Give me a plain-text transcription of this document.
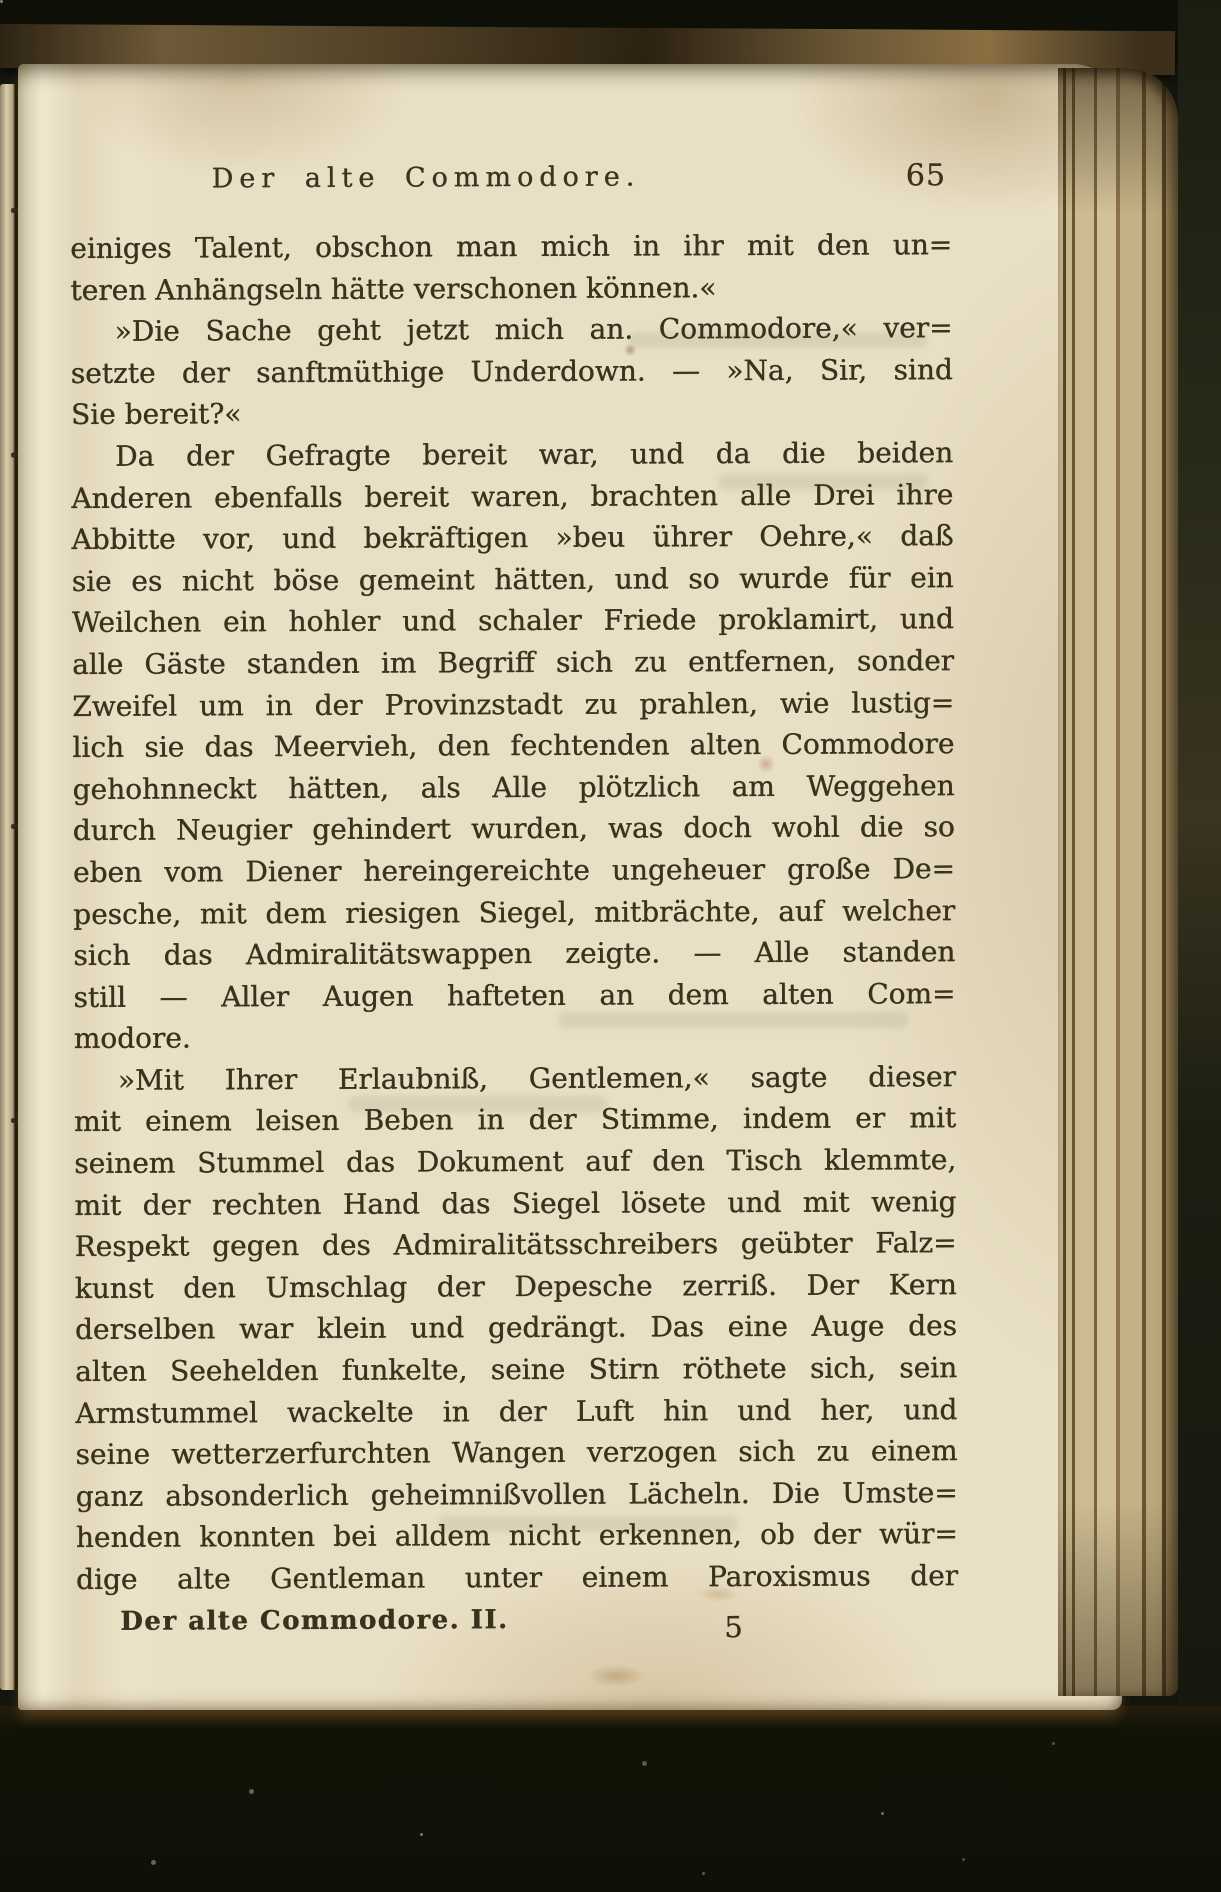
Der alte Commodore.	65
einiges Talent, obschon man mich in ihr mit den un=
teren Anhängseln hätte verschonen können.«
»Die Sache geht jetzt mich an. Commodore,« ver=
setzte der sanftmüthige Underdown. — »Na, Sir, sind
Sie bereit?«
Da der Gefragte bereit war, und da die beiden
Anderen ebenfalls bereit waren, brachten alle Drei ihre
Abbitte vor, und bekräftigen »beu ührer Oehre,« daß
sie es nicht böse gemeint hätten, und so wurde für ein
Weilchen ein hohler und schaler Friede proklamirt, und
alle Gäste standen im Begriff sich zu entfernen, sonder
Zweifel um in der Provinzstadt zu prahlen, wie lustig=
lich sie das Meervieh, den fechtenden alten Commodore
gehohnneckt hätten, als Alle plötzlich am Weggehen
durch Neugier gehindert wurden, was doch wohl die so
eben vom Diener hereingereichte ungeheuer große De=
pesche, mit dem riesigen Siegel, mitbrächte, auf welcher
sich das Admiralitätswappen zeigte. — Alle standen
still — Aller Augen hafteten an dem alten Com=
modore.
»Mit Ihrer Erlaubniß, Gentlemen,« sagte dieser
mit einem leisen Beben in der Stimme, indem er mit
seinem Stummel das Dokument auf den Tisch klemmte,
mit der rechten Hand das Siegel lösete und mit wenig
Respekt gegen des Admiralitätsschreibers geübter Falz=
kunst den Umschlag der Depesche zerriß. Der Kern
derselben war klein und gedrängt. Das eine Auge des
alten Seehelden funkelte, seine Stirn röthete sich, sein
Armstummel wackelte in der Luft hin und her, und
seine wetterzerfurchten Wangen verzogen sich zu einem
ganz absonderlich geheimnißvollen Lächeln. Die Umste=
henden konnten bei alldem nicht erkennen, ob der wür=
dige alte Gentleman unter einem Paroxismus der
Der alte Commodore. II.	5
